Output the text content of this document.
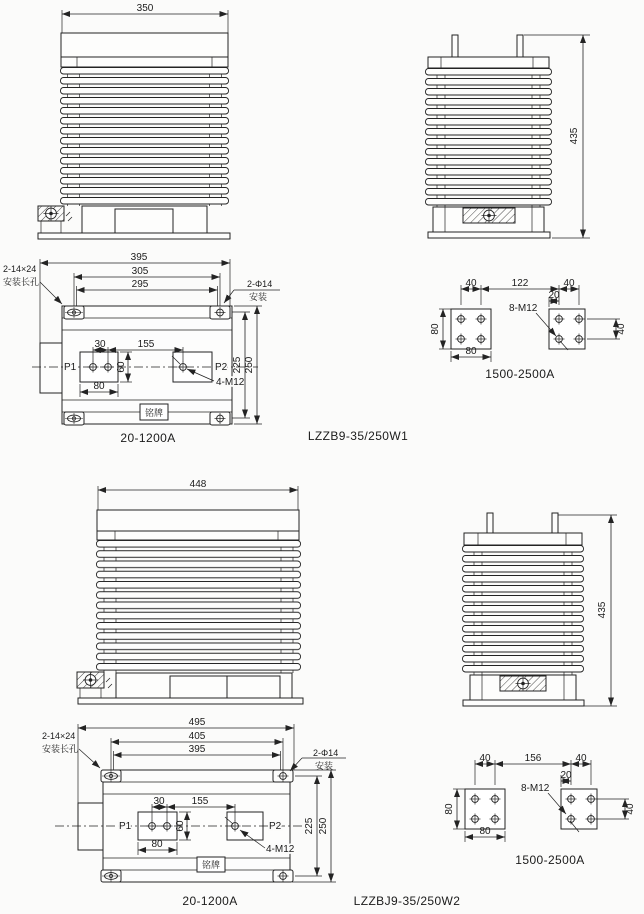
350
435
铭牌
P1	P2
30	155
60
80	4-M12
225 250
395
305
295
2-14×24
安装长孔	2-Φ14
安装
20-1200A
40	122	40
20
80
80
40
8-M12
1500-2500A
LZZB9-35/250W1
448
435
铭牌
P1	P2
30	155
60
80	4-M12
225 250
495
405
395
2-14×24
安装长孔	2-Φ14
安装
20-1200A
40	156	40
20
80
80
40
8-M12
1500-2500A
LZZBJ9-35/250W2
